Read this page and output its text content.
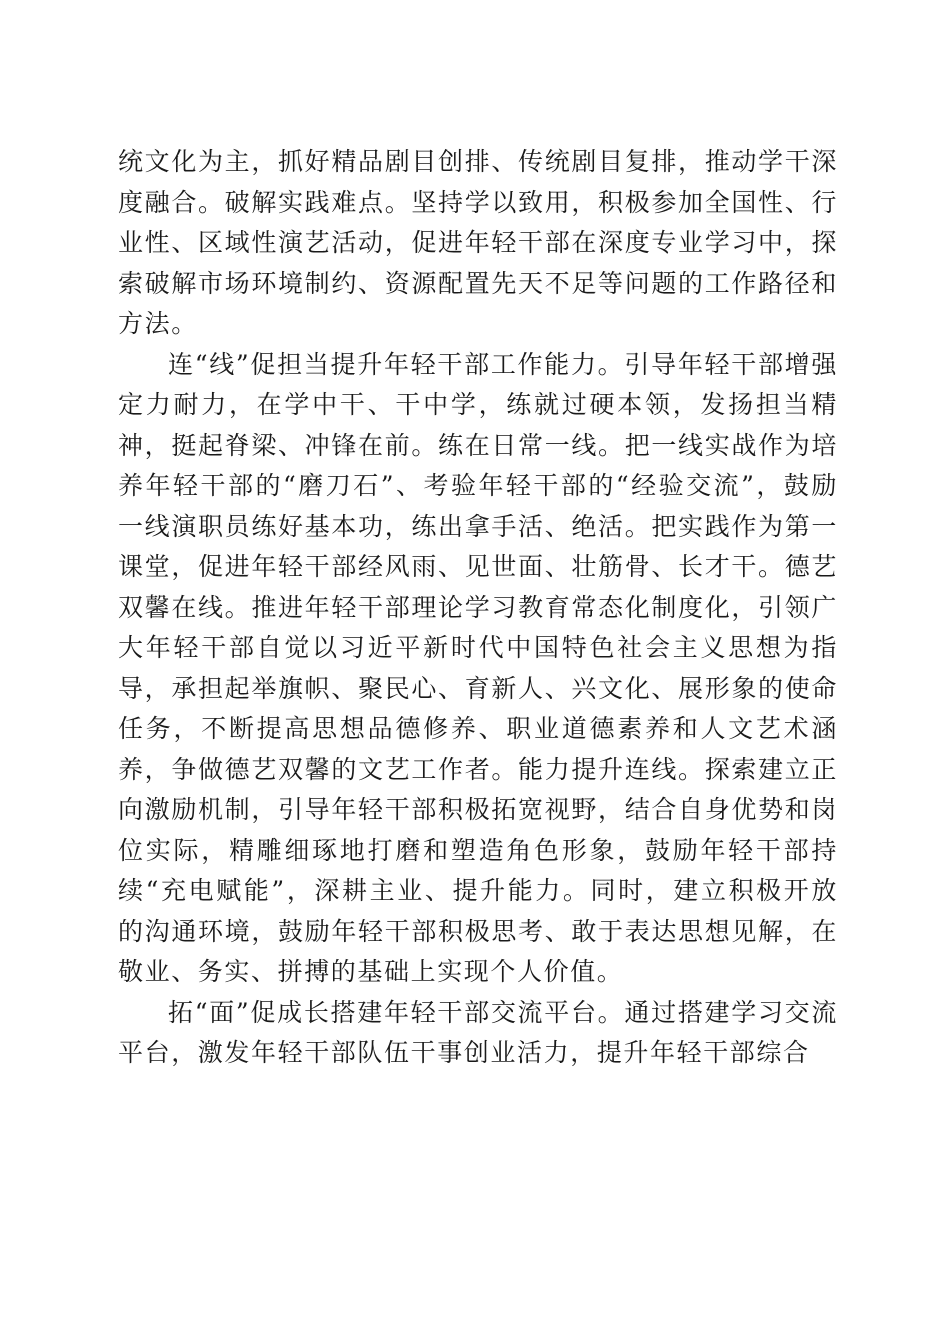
统文化为主，抓好精品剧目创排、传统剧目复排，推动学干深度融合。破解实践难点。坚持学以致用，积极参加全国性、行业性、区域性演艺活动，促进年轻干部在深度专业学习中，探索破解市场环境制约、资源配置先天不足等问题的工作路径和方法。

连“线”促担当提升年轻干部工作能力。引导年轻干部增强定力耐力，在学中干、干中学，练就过硬本领，发扬担当精神，挺起脊梁、冲锋在前。练在日常一线。把一线实战作为培养年轻干部的“磨刀石”、考验年轻干部的“经验交流”，鼓励一线演职员练好基本功，练出拿手活、绝活。把实践作为第一课堂，促进年轻干部经风雨、见世面、壮筋骨、长才干。德艺双馨在线。推进年轻干部理论学习教育常态化制度化，引领广大年轻干部自觉以习近平新时代中国特色社会主义思想为指导，承担起举旗帜、聚民心、育新人、兴文化、展形象的使命任务，不断提高思想品德修养、职业道德素养和人文艺术涵养，争做德艺双馨的文艺工作者。能力提升连线。探索建立正向激励机制，引导年轻干部积极拓宽视野，结合自身优势和岗位实际，精雕细琢地打磨和塑造角色形象，鼓励年轻干部持续“充电赋能”，深耕主业、提升能力。同时，建立积极开放的沟通环境，鼓励年轻干部积极思考、敢于表达思想见解，在敬业、务实、拼搏的基础上实现个人价值。

拓“面”促成长搭建年轻干部交流平台。通过搭建学习交流平台，激发年轻干部队伍干事创业活力，提升年轻干部综合
